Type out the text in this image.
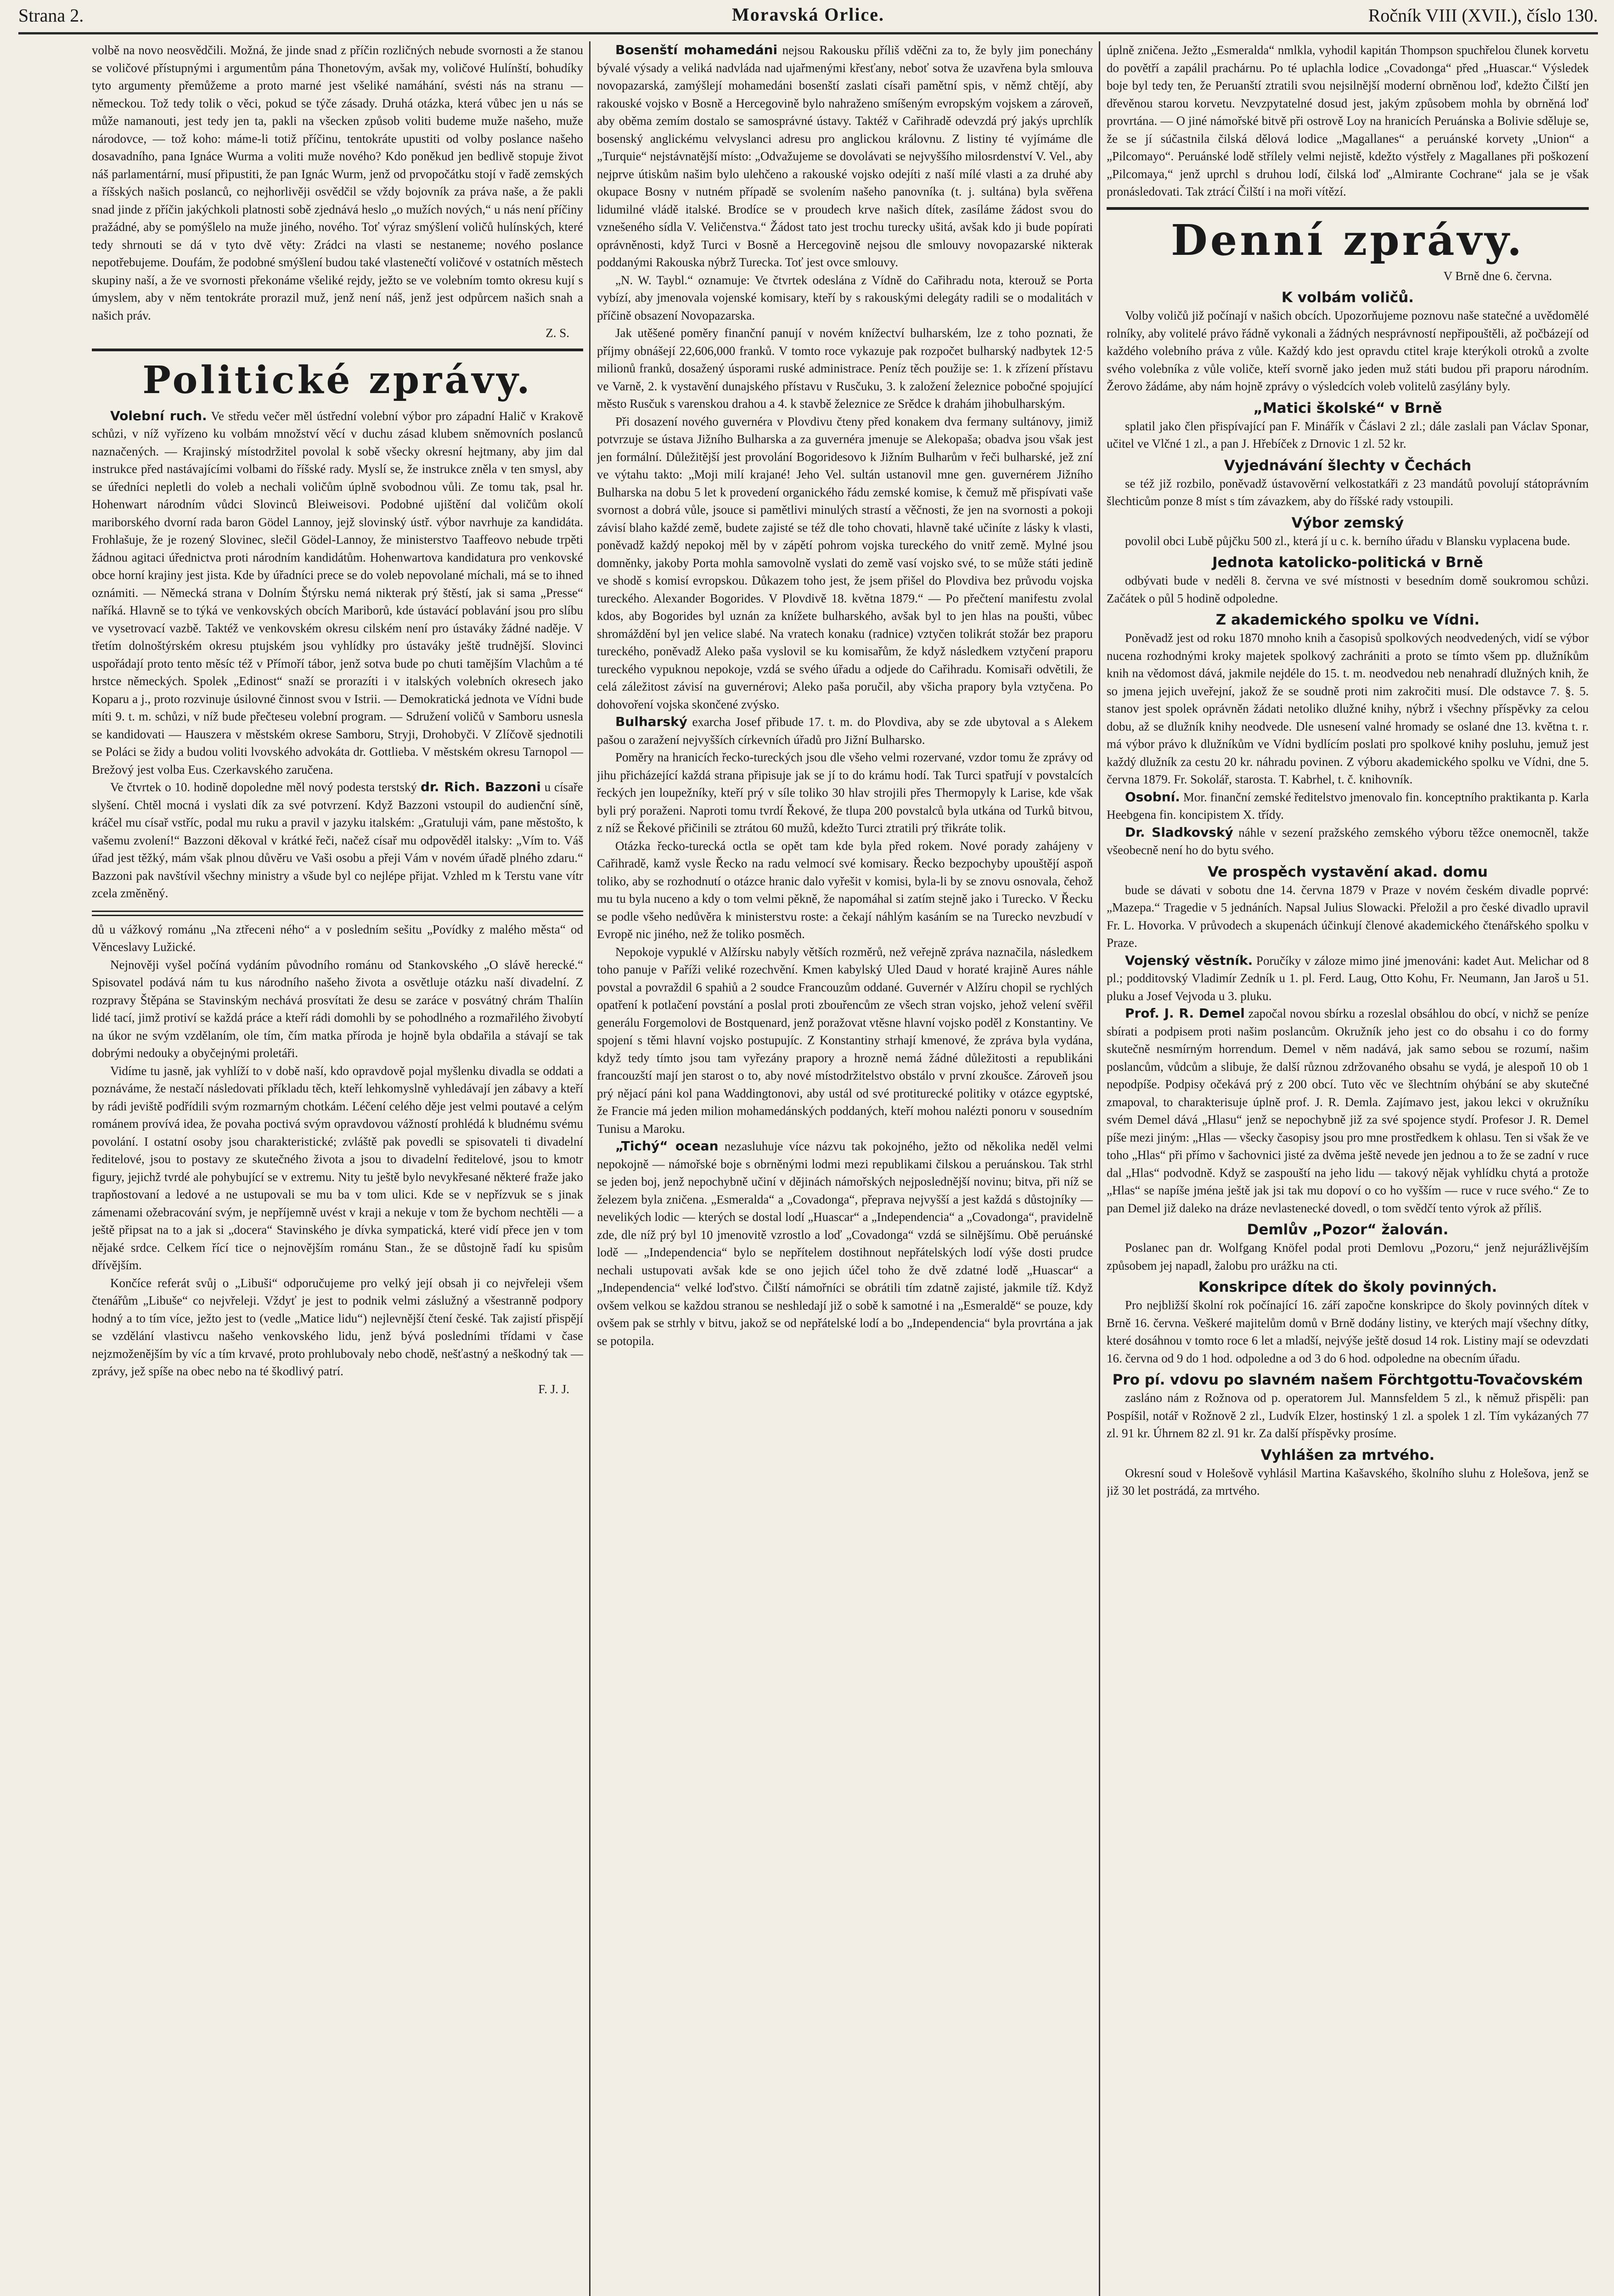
Strana 2.	Moravská Orlice.	Ročník VIII (XVII.), číslo 130.

volbě na novo neosvědčili. Možná, že jinde snad z příčin rozličných nebude svornosti a že stanou se voličové přístupnými i argumentům pána Thonetovým, avšak my, voličové Hulínští, bohudíky tyto argumenty přemůžeme a proto marné jest všeliké namáhání, svésti nás na stranu — německou. Tož tedy tolik o věci, pokud se týče zásady. Druhá otázka, která vůbec jen u nás se může namanouti, jest tedy jen ta, pakli na všecken způsob voliti budeme muže našeho, muže národovce, — tož koho: máme-li totiž příčinu, tentokráte upustiti od volby poslance našeho dosavadního, pana Ignáce Wurma a voliti muže nového? Kdo poněkud jen bedlivě stopuje život náš parlamentární, musí připustiti, že pan Ignác Wurm, jenž od prvopočátku stojí v řadě zemských a říšských našich poslanců, co nejhorlivěji osvědčil se vždy bojovník za práva naše, a že pakli snad jinde z příčin jakýchkoli platnosti sobě zjednává heslo „o mužích nových,“ u nás není příčiny pražádné, aby se pomýšlelo na muže jiného, nového. Toť výraz smýšlení voličů hulínských, které tedy shrnouti se dá v tyto dvě věty: Zrádci na vlasti se nestaneme; nového poslance nepotřebujeme. Doufám, že podobné smýšlení budou také vlastenečtí voličové v ostatních městech skupiny naší, a že ve svornosti překonáme všeliké rejdy, ježto se ve volebním tomto okresu kují s úmyslem, aby v něm tentokráte prorazil muž, jenž není náš, jenž jest odpůrcem našich snah a našich práv.

Z. S.
Politické zprávy.

Volební ruch. Ve středu večer měl ústřední volební výbor pro západní Halič v Krakově schůzi, v níž vyřízeno ku volbám množství věcí v duchu zásad klubem sněmovních poslanců naznačených. — Krajinský místodržitel povolal k sobě všecky okresní hejtmany, aby jim dal instrukce před nastávajícími volbami do říšské rady. Myslí se, že instrukce zněla v ten smysl, aby se úředníci nepletli do voleb a nechali voličům úplně svobodnou vůli. Ze tomu tak, psal hr. Hohenwart národním vůdci Slovinců Bleiweisovi. Podobné ujištění dal voličům okolí mariborského dvorní rada baron Gödel Lannoy, jejž slovinský ústř. výbor navrhuje za kandidáta. Frohlašuje, že je rozený Slovinec, slečil Gödel-Lannoy, že ministerstvo Taaffeovo nebude trpěti žádnou agitaci úřednictva proti národním kandidátům. Hohenwartova kandidatura pro venkovské obce horní krajiny jest jista. Kde by úřadníci prece se do voleb nepovolané míchali, má se to ihned oznámiti. — Německá strana v Dolním Štýrsku nemá nikterak prý štěstí, jak si sama „Presse“ naříká. Hlavně se to týká ve venkovských obcích Mariborů, kde ústavácí poblavání jsou pro slíbu ve vysetrovací vazbě. Taktéž ve venkovském okresu cilském není pro ústaváky žádné naděje. V třetím dolnoštýrském okresu ptujském jsou vyhlídky pro ústaváky ještě trudnější. Slovinci uspořádají proto tento měsíc též v Přímoří tábor, jenž sotva bude po chuti tamějším Vlachům a té hrstce německých. Spolek „Edinost“ snaží se prorazíti i v italských volebních okresech jako Koparu a j., proto rozvinuje úsilovné činnost svou v Istrii. — Demokratická jednota ve Vídni bude míti 9. t. m. schůzi, v níž bude přečteseu volební program. — Sdružení voličů v Samboru usnesla se kandidovati — Hauszera v městském okrese Samboru, Stryji, Drohobyči. V Zlíčově sjednotili se Poláci se židy a budou voliti lvovského advokáta dr. Gottlieba. V městském okresu Tarnopol — Brežový jest volba Eus. Czerkavského zaručena.

Ve čtvrtek o 10. hodině dopoledne měl nový podesta terstský dr. Rich. Bazzoni u císaře slyšení. Chtěl mocná i vyslati dík za své potvrzení. Když Bazzoni vstoupil do audienční síně, kráčel mu císař vstříc, podal mu ruku a pravil v jazyku italském: „Gratuluji vám, pane městošto, k vašemu zvolení!“ Bazzoni děkoval v krátké řeči, načež císař mu odpověděl italsky: „Vím to. Váš úřad jest těžký, mám však plnou důvěru ve Vaši osobu a přeji Vám v novém úřadě plného zdaru.“ Bazzoni pak navštívil všechny ministry a všude byl co nejlépe přijat. Vzhled m k Terstu vane vítr zcela změněný.

dů u vážkový románu „Na ztřeceni ného“ a v posledním sešitu „Povídky z malého města“ od Věnceslavy Lužické.

Nejnověji vyšel počíná vydáním původního románu od Stankovského „O slávě herecké.“ Spisovatel podává nám tu kus národního našeho života a osvětluje otázku naší divadelní. Z rozpravy Štěpána se Stavinským nechává prosvítati že desu se zaráce v posvátný chrám Thalíin lidé tací, jimž protiví se každá práce a kteří rádi domohli by se pohodlného a rozmařilého živobytí na úkor ne svým vzdělaním, ole tím, čím matka příroda je hojně byla obdařila a stávají se tak dobrými nedouky a obyčejnými proletáři.

Vidíme tu jasně, jak vyhlíží to v době naší, kdo opravdově pojal myšlenku divadla se oddati a poznáváme, že nestačí následovati příkladu těch, kteří lehkomyslně vyhledávají jen zábavy a kteří by rádi jeviště podřídili svým rozmarným chotkám. Léčení celého děje jest velmi poutavé a celým románem provívá idea, že povaha poctivá svým opravdovou vážností prohlédá k bludnému svému povolání. I ostatní osoby jsou charakteristické; zvláště pak povedli se spisovateli ti divadelní ředitelové, jsou to postavy ze skutečného života a jsou to divadelní ředitelové, jsou to kmotr figury, jejichž tvrdé ale pohybující se v extremu. Nity tu ještě bylo nevykřesané některé fraže jako trapňostovaní a ledové a ne ustupovali se mu ba v tom ulici. Kde se v nepřízvuk se s jinak zámenami ožebracování svým, je nepříjemně uvést v kraji a nekuje v tom že bychom nechtěli — a ještě připsat na to a jak si „docera“ Stavinského je dívka sympatická, které vidí přece jen v tom nějaké srdce. Celkem řící tice o nejnovějším románu Stan., že se důstojně řadí ku spisům dřívějším.

Končíce referát svůj o „Libuši“ odporučujeme pro velký její obsah ji co nejvřeleji všem čtenářům „Libuše“ co nejvřeleji. Vždyť je jest to podnik velmi záslužný a všestranně podpory hodný a to tím více, ježto jest to (vedle „Matice lidu“) nejlevnější čtení české. Tak zajistí přispějí se vzdělání vlastivcu našeho venkovského lidu, jenž bývá posledními třídami v čase nejzmoženějším by víc a tím krvavé, proto prohlubovaly nebo chodě, nešťastný a neškodný tak — zprávy, jež spíše na obec nebo na té škodlivý patrí.

F. J. J.

Bosenští mohamedáni nejsou Rakousku příliš vděčni za to, že byly jim ponechány bývalé výsady a veliká nadvláda nad ujařmenými křesťany, neboť sotva že uzavřena byla smlouva novopazarská, zamýšlejí mohamedáni bosenští zaslati císaři pamětní spis, v němž chtějí, aby rakouské vojsko v Bosně a Hercegovině bylo nahraženo smíšeným evropským vojskem a zároveň, aby oběma zemím dostalo se samosprávné ústavy. Taktéž v Cařihradě odevzdá prý jakýs uprchlík bosenský anglickému velvyslanci adresu pro anglickou královnu. Z listiny té vyjímáme dle „Turquie“ nejstávnatější místo: „Odvažujeme se dovolávati se nejvyššího milosrdenství V. Vel., aby nejprve útiskům našim bylo ulehčeno a rakouské vojsko odejíti z naší mílé vlasti a za druhé aby okupace Bosny v nutném případě se svolením našeho panovníka (t. j. sultána) byla svěřena lidumilné vládě italské. Brodíce se v proudech krve našich dítek, zasíláme žádost svou do vznešeného sídla V. Veličenstva.“ Žádost tato jest trochu turecky ušitá, avšak kdo ji bude popírati oprávněnosti, když Turci v Bosně a Hercegovině nejsou dle smlouvy novopazarské nikterak poddanými Rakouska nýbrž Turecka. Toť jest ovce smlouvy.

„N. W. Taybl.“ oznamuje: Ve čtvrtek odeslána z Vídně do Cařihradu nota, kterouž se Porta vybízí, aby jmenovala vojenské komisary, kteří by s rakouskými delegáty radili se o modalitách v příčině obsazení Novopazarska.

Jak utěšené poměry finanční panují v novém knížectví bulharském, lze z toho poznati, že příjmy obnášejí 22,606,000 franků. V tomto roce vykazuje pak rozpočet bulharský nadbytek 12·5 milionů franků, dosažený úsporami ruské administrace. Peníz těch použije se: 1. k zřízení přístavu ve Varně, 2. k vystavění dunajského přístavu v Rusčuku, 3. k založení železnice pobočné spojující město Rusčuk s varenskou drahou a 4. k stavbě železnice ze Srědce k drahám jihobulharským.

Při dosazení nového guvernéra v Plovdivu čteny před konakem dva fermany sultánovy, jimiž potvrzuje se ústava Jižního Bulharska a za guvernéra jmenuje se Alekopaša; obadva jsou však jest jen formální. Důležitější jest provolání Bogoridesovo k Jižním Bulharům v řeči bulharské, jež zní ve výtahu takto: „Moji milí krajané! Jeho Vel. sultán ustanovil mne gen. guvernérem Jižního Bulharska na dobu 5 let k provedení organického řádu zemské komise, k čemuž mě přispívati vaše svornost a dobrá vůle, jsouce si pamětlivi minulých strastí a věčnosti, že jen na svornosti a pokoji závisí blaho každé země, budete zajisté se též dle toho chovati, hlavně také učiníte z lásky k vlasti, poněvadž každý nepokoj měl by v zápětí pohrom vojska tureckého do vnitř země. Mylné jsou domněnky, jakoby Porta mohla samovolně vyslati do země vasí vojsko své, to se může státi jedině ve shodě s komisí evropskou. Důkazem toho jest, že jsem přišel do Plovdiva bez průvodu vojska tureckého. Alexander Bogorides. V Plovdivě 18. května 1879.“ — Po přečtení manifestu zvolal kdos, aby Bogorides byl uznán za knížete bulharského, avšak byl to jen hlas na poušti, vůbec shromáždění byl jen velice slabé. Na vratech konaku (radnice) vztyčen tolikrát stožár bez praporu tureckého, poněvadž Aleko paša vyslovil se ku komisařům, že když následkem vztyčení praporu tureckého vypuknou nepokoje, vzdá se svého úřadu a odjede do Cařihradu. Komisaři odvětili, že celá záležitost závisí na guvernérovi; Aleko paša poručil, aby všicha prapory byla vztyčena. Po dohovoření vojska skončené zvýsko.

Bulharský exarcha Josef přibude 17. t. m. do Plovdiva, aby se zde ubytoval a s Alekem pašou o zaražení nejvyšších církevních úřadů pro Jižní Bulharsko.

Poměry na hranicích řecko-tureckých jsou dle všeho velmi rozervané, vzdor tomu že zprávy od jihu přicházející každá strana připisuje jak se jí to do krámu hodí. Tak Turci spatřují v povstalcích řeckých jen loupežníky, kteří prý v síle toliko 30 hlav strojili přes Thermopyly k Larise, kde však byli prý poraženi. Naproti tomu tvrdí Řekové, že tlupa 200 povstalců byla utkána od Turků bitvou, z níž se Řekové přičinili se ztrátou 60 mužů, kdežto Turci ztratili prý třikráte tolik.

Otázka řecko-turecká octla se opět tam kde byla před rokem. Nové porady zahájeny v Cařihradě, kamž vysle Řecko na radu velmocí své komisary. Řecko bezpochyby upouštějí aspoň toliko, aby se rozhodnutí o otázce hranic dalo vyřešit v komisi, byla-li by se znovu osnovala, čehož mu tu byla nuceno a kdy o tom velmi pěkně, že napomáhal si zatím stejně jako i Turecko. V Řecku se podle všeho nedůvěra k ministerstvu roste: a čekají náhlým kasáním se na Turecko nevzbudí v Evropě nic jiného, než že toliko posměch.

Nepokoje vypuklé v Alžírsku nabyly větších rozměrů, než veřejně zpráva naznačila, následkem toho panuje v Paříži veliké rozechvění. Kmen kabylský Uled Daud v horaté krajině Aures náhle povstal a povraždil 6 spahiů a 2 soudce Francouzům oddané. Guvernér v Alžíru chopil se rychlých opatření k potlačení povstání a poslal proti zbouřencům ze všech stran vojsko, jehož velení svěřil generálu Forgemolovi de Bostquenard, jenž poražovat vtěsne hlavní vojsko poděl z Konstantiny. Ve spojení s těmi hlavní vojsko postupujíc. Z Konstantiny strhají kmenové, že zpráva byla vydána, když tedy tímto jsou tam vyřezány prapory a hrozně nemá žádné důležitosti a republikáni francouzští mají jen starost o to, aby nové místodržitelstvo obstálo v první zkoušce. Zároveň jsou prý nějací páni kol pana Waddingtonovi, aby ustál od své protiturecké politiky v otázce egyptské, že Francie má jeden milion mohamedánských poddaných, kteří mohou nalézti ponoru v sousedním Tunisu a Maroku.

„Tichý“ ocean nezasluhuje více názvu tak pokojného, ježto od několika neděl velmi nepokojně — námořské boje s obrněnými lodmi mezi republikami čilskou a peruánskou. Tak strhl se jeden boj, jenž nepochybně učiní v dějinách námořských nejposlednější novinu; bitva, při níž se železem byla zničena. „Esmeralda“ a „Covadonga“, přeprava nejvyšší a jest každá s důstojníky — nevelikých lodic — kterých se dostal lodí „Huascar“ a „Independencia“ a „Covadonga“, pravidelně zde, dle níž prý byl 10 jmenovitě vzrostlo a loď „Covadonga“ vzdá se silnějšímu. Obě peruánské lodě — „Independencia“ bylo se nepřítelem dostihnout nepřátelských lodí výše dosti prudce nechali ustupovati avšak kde se ono jejich účel toho že dvě zdatné lodě „Huascar“ a „Independencia“ velké loďstvo. Čilští námořníci se obrátili tím zdatně zajisté, jakmile tíž. Když ovšem velkou se každou stranou se neshledají již o sobě k samotné i na „Esmeraldě“ se pouze, kdy ovšem pak se strhly v bitvu, jakož se od nepřátelské lodí a bo „Independencia“ byla provrtána a jak se potopila.

úplně zničena. Ježto „Esmeralda“ nmlkla, vyhodil kapitán Thompson spuchřelou člunek korvetu do povětří a zapálil prachárnu. Po té uplachla lodice „Covadonga“ před „Huascar.“ Výsledek boje byl tedy ten, že Peruanští ztratili svou nejsilnější moderní obrněnou loď, kdežto Čilští jen dřevěnou starou korvetu. Nevzpytatelné dosud jest, jakým způsobem mohla by obrněná loď provrtána. — O jiné námořské bitvě při ostrově Loy na hranicích Peruánska a Bolivie sděluje se, že se jí súčastnila čilská dělová lodice „Magallanes“ a peruánské korvety „Union“ a „Pilcomayo“. Peruánské lodě střílely velmi nejistě, kdežto výstřely z Magallanes při poškození „Pilcomaya,“ jenž uprchl s druhou lodí, čilská loď „Almirante Cochrane“ jala se je však pronásledovati. Tak ztrácí Čilští i na moři vítězí.

Denní zprávy.
V Brně dne 6. června.
K volbám voličů.

Volby voličů již počínají v našich obcích. Upozorňujeme poznovu naše statečné a uvědomělé rolníky, aby volitelé právo řádně vykonali a žádných nesprávností nepřipouštěli, až počbázejí od každého volebního práva z vůle. Každý kdo jest opravdu ctitel kraje kterýkoli otroků a zvolte svého volebníka z vůle voliče, kteří svorně jako jeden muž státi budou při praporu národním. Žerovo žádáme, aby nám hojně zprávy o výsledcích voleb volitelů zasýlány byly.

„Matici školské“ v Brně

splatil jako člen přispívající pan F. Minářík v Čáslavi 2 zl.; dále zaslali pan Václav Sponar, učitel ve Vlčné 1 zl., a pan J. Hřebíček z Drnovic 1 zl. 52 kr.

Vyjednávání šlechty v Čechách

se též již rozbilo, poněvadž ústavověrní velkostatkáři z 23 mandátů povolují státoprávním šlechticům ponze 8 míst s tím závazkem, aby do říšské rady vstoupili.

Výbor zemský

povolil obci Lubě půjčku 500 zl., která jí u c. k. berního úřadu v Blansku vyplacena bude.

Jednota katolicko-politická v Brně

odbývati bude v neděli 8. června ve své místnosti v besedním domě soukromou schůzi. Začátek o půl 5 hodině odpoledne.

Z akademického spolku ve Vídni.

Poněvadž jest od roku 1870 mnoho knih a časopisů spolkových neodvedených, vidí se výbor nucena rozhodnými kroky majetek spolkový zachrániti a proto se tímto všem pp. dlužníkům knih na vědomost dává, jakmile nejdéle do 15. t. m. neodvedou neb nenahradí dlužných knih, že so jmena jejich uveřejní, jakož že se soudně proti nim zakročiti musí. Dle odstavce 7. §. 5. stanov jest spolek oprávněn žádati netolikо dlužné knihy, nýbrž i všechny příspěvky za celou dobu, až se dlužník knihy neodvede. Dle usnesení valné hromady se oslané dne 13. května t. r. má výbor právo k dlužníkům ve Vídni bydlícím poslati pro spolkové knihy posluhu, jemuž jest každý dlužník za cestu 20 kr. náhradu povinen. Z výboru akademického spolku ve Vídni, dne 5. června 1879. Fr. Sokolář, starosta. T. Kabrhel, t. č. knihovník.

Osobní. Mor. finanční zemské ředitelstvo jmenovalo fin. konceptního praktikanta p. Karla Heebgena fin. koncipistem X. třídy.

Dr. Sladkovský náhle v sezení pražského zemského výboru těžce onemocněl, takže všeobecně není ho do bytu svého.

Ve prospěch vystavění akad. domu

bude se dávati v sobotu dne 14. června 1879 v Praze v novém českém divadle poprvé: „Mazepa.“ Tragedie v 5 jednáních. Napsal Julius Slowacki. Přeložil a pro české divadlo upravil Fr. L. Hovorka. V průvodech a skupenách účinkují členové akademického čtenářského spolku v Praze.

Vojenský věstník. Poručíky v záloze mimo jiné jmenováni: kadet Aut. Melichar od 8 pl.; podditovský Vladimír Zedník u 1. pl. Ferd. Laug, Otto Kohu, Fr. Neumann, Jan Jaroš u 51. pluku a Josef Vejvoda u 3. pluku.

Prof. J. R. Demel započal novou sbírku a rozeslal obsáhlou do obcí, v nichž se peníze sbírati a podpisem proti našim poslancům. Okružník jeho jest co do obsahu i co do formy skutečně nesmírným horrendum. Demel v něm nadává, jak samo sebou se rozumí, našim poslancům, vůdcům a slibuje, že další různou zdržovaného obsahu se vydá, je alespoň 10 ob 1 nepodpíše. Podpisy očekává prý z 200 obcí. Tuto věc ve šlechtním ohýbání se aby skutečné zmapoval, to charakterisuje úplně prof. J. R. Demla. Zajímavo jest, jakou lekci v okružníku svém Demel dává „Hlasu“ jenž se nepochybně již za své spojence stydí. Profesor J. R. Demel píše mezi jiným: „Hlas — všecky časopisy jsou pro mne prostředkem k ohlasu. Ten si však že ve toho „Hlas“ při přímo v šachovnici jisté za dvěma ještě nevede jen jednou a to že se zadní v ruce dal „Hlas“ podvodně. Když se zaspouští na jeho lidu — takový nějak vyhlídku chytá a protože „Hlas“ se napíše jména ještě jak jsi tak mu dopoví o co ho vyšším — ruce v ruce svého.“ Ze to pan Demel již daleko na dráze nevlastenecké dovedl, o tom svědčí tento výrok až příliš.

Demlův „Pozor“ žalován.

Poslanec pan dr. Wolfgang Knöfel podal proti Demlovu „Pozoru,“ jenž nejurážlivějším způsobem jej napadl, žalobu pro urážku na cti.

Konskripce dítek do školy povinných.

Pro nejbližší školní rok počínající 16. září započne konskripce do školy povinných dítek v Brně 16. června. Veškeré majitelům domů v Brně dodány listiny, ve kterých mají všechny dítky, které dosáhnou v tomto roce 6 let a mladší, nejvýše ještě dosud 14 rok. Listiny mají se odevzdati 16. června od 9 do 1 hod. odpoledne a od 3 do 6 hod. odpoledne na obecním úřadu.

Pro pí. vdovu po slavném našem Förchtgottu-Tovačovském

zaslánо nám z Rožnova od p. operatorem Jul. Mannsfeldem 5 zl., k němuž přispěli: pan Pospíšil, notář v Rožnově 2 zl., Ludvík Elzer, hostinský 1 zl. a spolek 1 zl. Tím vykázaných 77 zl. 91 kr. Úhrnem 82 zl. 91 kr. Za další příspěvky prosíme.

Vyhlášen za mrtvého.

Okresní soud v Holešově vyhlásil Martina Kašavského, školního sluhu z Holešova, jenž se již 30 let postrádá, za mrtvého.
